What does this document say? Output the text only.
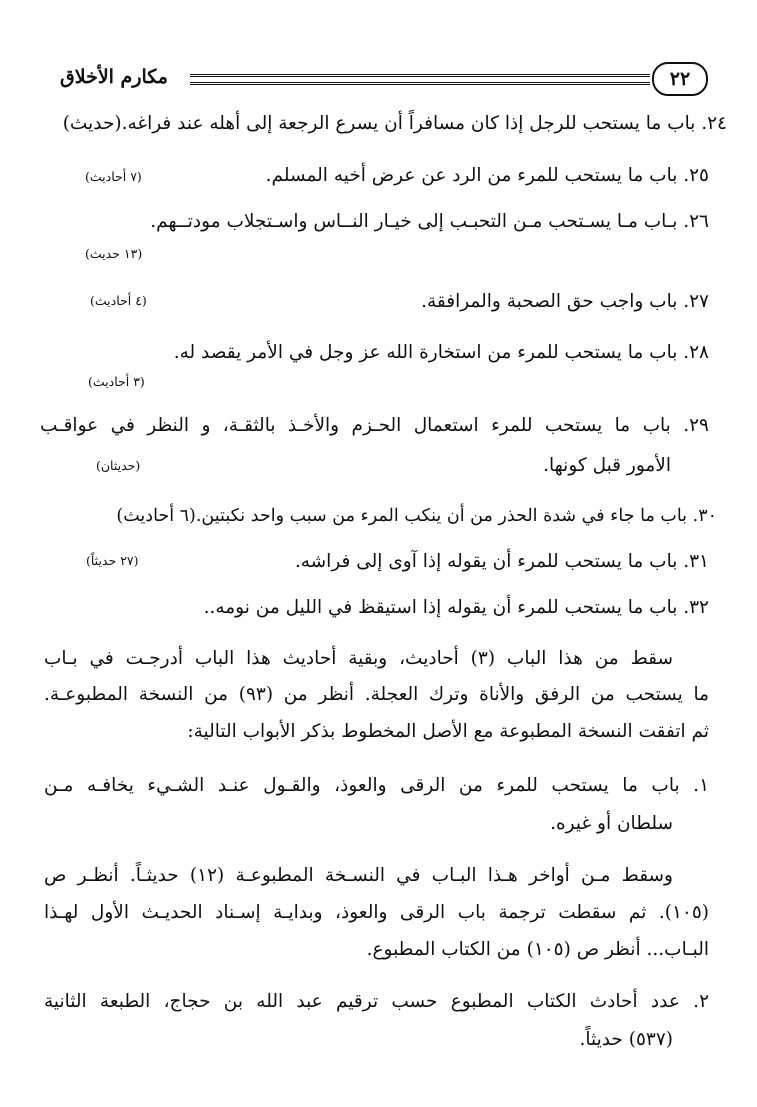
مكارم الأخلاق	٢٢
٢٤. باب ما يستحب للرجل إذا كان مسافراً أن يسرع الرجعة إلى أهله عند فراغه.(حديث)
٢٥. باب ما يستحب للمرء من الرد عن عرض أخيه المسلم.
(٧ أحاديث)
٢٦. بـاب مـا يسـتحب مـن التحبـب إلى خيـار النــاس واسـتجلاب مودتــهم.
(١٣ حديث)
٢٧. باب واجب حق الصحبة والمرافقة.
(٤ أحاديث)
٢٨. باب ما يستحب للمرء من استخارة الله عز وجل في الأمر يقصد له.
(٣ أحاديث)
٢٩. باب ما يستحب للمرء استعمال الحـزم والأخـذ بالثقـة، و النظر في عواقـب
الأمور قبل كونها.
(حديثان)
٣٠. باب ما جاء في شدة الحذر من أن ينكب المرء من سبب واحد نكبتين.(٦ أحاديث)
٣١. باب ما يستحب للمرء أن يقوله إذا آوى إلى فراشه.
(٢٧ حديثاً)
٣٢. باب ما يستحب للمرء أن يقوله إذا استيقظ في الليل من نومه..
سقط من هذا الباب (٣) أحاديث، وبقية أحاديث هذا الباب أدرجـت في بـاب
ما يستحب من الرفق والأناة وترك العجلة. أنظر من (٩٣) من النسخة المطبوعـة.
ثم اتفقت النسخة المطبوعة مع الأصل المخطوط بذكر الأبواب التالية:
١. باب ما يستحب للمرء من الرقى والعوذ، والقـول عنـد الشـيء يخافـه مـن
سلطان أو غيره.
وسقط مـن أواخر هـذا البـاب في النسـخة المطبوعـة (١٢) حديثـاً. أنظـر ص
(١٠٥). ثم سقطت ترجمة باب الرقى والعوذ، وبدايـة إسـناد الحديـث الأول لهـذا
البـاب... أنظر ص (١٠٥) من الكتاب المطبوع.
٢. عدد أحادث الكتاب المطبوع حسب ترقيم عبد الله بن حجاج، الطبعة الثانية
(٥٣٧) حديثاً.
